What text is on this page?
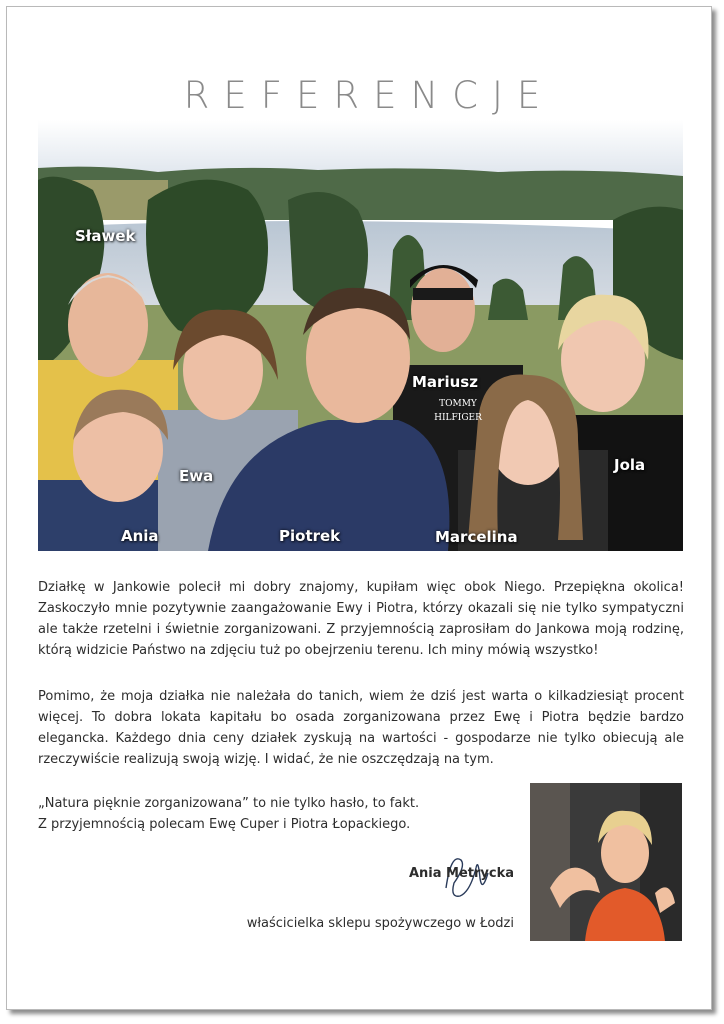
REFERENCJE
TOMMY
HILFIGER
Sławek
Ewa
Ania	Piotrek
Mariusz
Marcelina
Jola

Działkę w Jankowie polecił mi dobry znajomy, kupiłam więc obok Niego. Przepiękna okolica! Zaskoczyło mnie pozytywnie zaangażowanie Ewy i Piotra, którzy okazali się nie tylko sympatyczni ale także rzetelni i świetnie zorganizowani. Z przyjemnością zaprosiłam do Jankowa moją rodzinę, którą widzicie Państwo na zdjęciu tuż po obejrzeniu terenu. Ich miny mówią wszystko!

Pomimo, że moja działka nie należała do tanich, wiem że dziś jest warta o kilkadziesiąt procent więcej. To dobra lokata kapitału bo osada zorganizowana przez Ewę i Piotra będzie bardzo elegancka. Każdego dnia ceny działek zyskują na wartości - gospodarze nie tylko obiecują ale rzeczywiście realizują swoją wizję. I widać, że nie oszczędzają na tym.

„Natura pięknie zorganizowana” to nie tylko hasło, to fakt.

Z przyjemnością polecam Ewę Cuper i Piotra Łopackiego.

Ania Metrycka
właścicielka sklepu spożywczego w Łodzi
